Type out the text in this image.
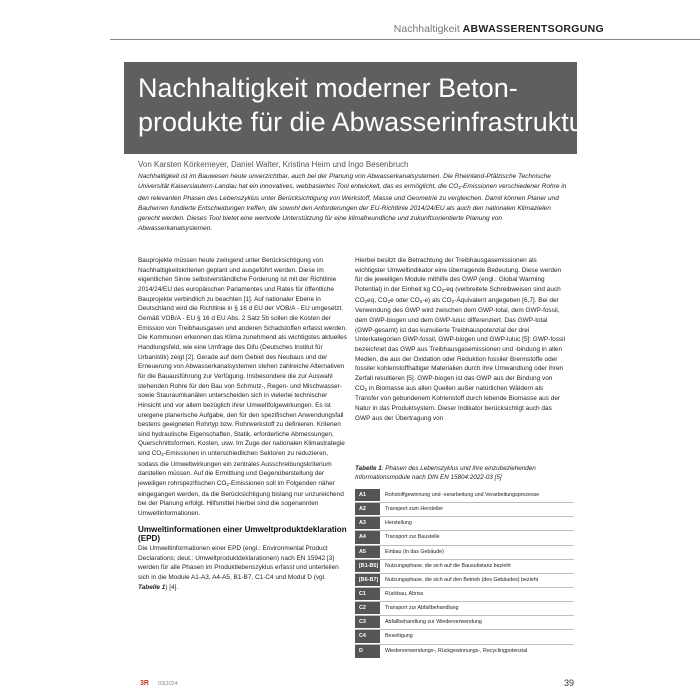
Nachhaltigkeit ABWASSERENTSORGUNG
Nachhaltigkeit moderner Beton-
produkte für die Abwasserinfrastruktur
Von Karsten Körkemeyer, Daniel Walter, Kristina Heim und Ingo Besenbruch

Nachhaltigkeit ist im Bauwesen heute unverzichtbar, auch bei der Planung von Abwasserkanalsystemen. Die Rheinland-Pfälzische Technische Universität Kaiserslautern-Landau hat ein innovatives, webbasiertes Tool entwickelt, das es ermöglicht, die $CO_2$-Emissionen verschiedener Rohre in den relevanten Phasen des Lebenszyklus unter Berücksichtigung von Werkstoff, Masse und Geometrie zu vergleichen. Damit können Planer und Bauherren fundierte Entscheidungen treffen, die sowohl den Anforderungen der EU-Richtlinie 2014/24/EU als auch den nationalen Klimazielen gerecht werden. Dieses Tool bietet eine wertvolle Unterstützung für eine klimafreundliche und zukunftsorientierte Planung von Abwasserkanalsystemen.

Bauprojekte müssen heute zwingend unter Berücksichtigung von Nachhaltigkeitskriterien geplant und ausgeführt werden. Diese im eigentlichen Sinne selbstverständliche Forderung ist mit der Richtlinie 2014/24/EU des europäischen Parlamentes und Rates für öffentliche Bauprojekte verbindlich zu beachten [1]. Auf nationaler Ebene in Deutschland wird die Richtlinie in § 16 d EU der VOB/A - EU umgesetzt. Gemäß VOB/A - EU § 16 d EU Abs. 2 Satz 5b sollen die Kosten der Emission von Treibhausgasen und anderen Schadstoffen erfasst werden. Die Kommunen erkennen das Klima zunehmend als wichtigstes aktuelles Handlungsfeld, wie eine Umfrage des Difu (Deutsches Institut für Urbanistik) zeigt [2]. Gerade auf dem Gebiet des Neubaus und der Erneuerung von Abwasserkanalsystemen stehen zahlreiche Alternativen für die Bauausführung zur Verfügung. Insbesondere die zur Auswahl stehenden Rohre für den Bau von Schmutz-, Regen- und Mischwasser- sowie Stauraumkanälen unterscheiden sich in vielerlei technischer Hinsicht und vor allem bezüglich ihrer Umweltfolgewirkungen. Es ist ureigene planerische Aufgabe, den für den spezifischen Anwendungsfall bestens geeigneten Rohrtyp bzw. Rohrwerkstoff zu definieren. Kriterien sind hydraulische Eigenschaften, Statik, erforderliche Abmessungen, Querschnittsformen, Kosten, usw. Im Zuge der nationalen Klimastrategie sind $CO_2$-Emissionen in unterschiedlichen Sektoren zu reduzieren, sodass die Umweltwirkungen ein zentrales Ausschreibungskriterium darstellen müssen. Auf die Ermittlung und Gegenüberstellung der jeweiligen rohrspezifischen $CO_2$-Emissionen soll im Folgenden näher eingegangen werden, da die Berücksichtigung bislang nur unzureichend bei der Planung erfolgt. Hilfsmittel hierbei sind die sogenannten Umweltinformationen.

Umweltinformationen einer Umweltproduktdeklaration (EPD)

Die Umweltinformationen einer EPD (engl.: Environmental Product Declarations; deut.: Umweltproduktdeklarationen) nach EN 15942 [3] werden für alle Phasen im Produktlebenszyklus erfasst und unterteilen sich in die Module A1-A3, A4-A5, B1-B7, C1-C4 und Modul D (vgl. Tabelle 1) [4].

Hierbei besitzt die Betrachtung der Treibhausgasemissionen als wichtigster Umweltindikator eine überragende Bedeutung. Diese werden für die jeweiligen Module mithilfe des GWP (engl.: Global Warming Potential) in der Einheit kg $CO_2-eq$ (verbreitete Schreibweisen sind auch $CO_2eq$, $CO_2e$ oder $CO_2-e$) als $CO_2$-Äquivalent angegeben [6,7]. Bei der Verwendung des GWP wird zwischen dem GWP-total, dem GWP-fossil, dem GWP-biogen und dem GWP-luluc differenziert. Das GWP-total (GWP-gesamt) ist das kumulierte Treibhauspotenzial der drei Unterkategorien GWP-fossil, GWP-biogen und GWP-luluc [5]: GWP-fossil bezeichnet das GWP aus Treibhausgasemissionen und -bindung in allen Medien, die aus der Oxidation oder Reduktion fossiler Brennstoffe oder fossiler kohlenstoffhaltiger Materialien durch ihre Umwandlung oder ihren Zerfall resultieren [5]. GWP-biogen ist das GWP aus der Bindung von $CO_2$ in Biomasse aus allen Quellen außer natürlichen Wäldern als Transfer von gebundenem Kohlenstoff durch lebende Biomasse aus der Natur in das Produktsystem. Dieser Indikator berücksichtigt auch das GWP aus der Übertragung von

Tabelle 1: Phasen des Lebenszyklus und ihre einzubeziehenden Informationsmodule nach DIN EN 15804:2022-03 [5]
A1	Rohstoffgewinnung und -verarbeitung und Verarbeitungsprozesse
A2	Transport zum Hersteller
A3	Herstellung
A4	Transport zur Baustelle
A5	Einbau (in das Gebäude)
[B1-B5]	Nutzungsphase, die sich auf die Bausubstanz bezieht
[B6-B7]	Nutzungsphase, die sich auf den Betrieb (des Gebäudes) bezieht
C1	Rückbau, Abriss
C2	Transport zur Abfallbehandlung
C3	Abfallbehandlung zur Wiederverwendung
C4	Beseitigung
D	Wiederverwendungs-, Rückgewinnungs-, Recyclingpotenzial
3R 03|2024	39
